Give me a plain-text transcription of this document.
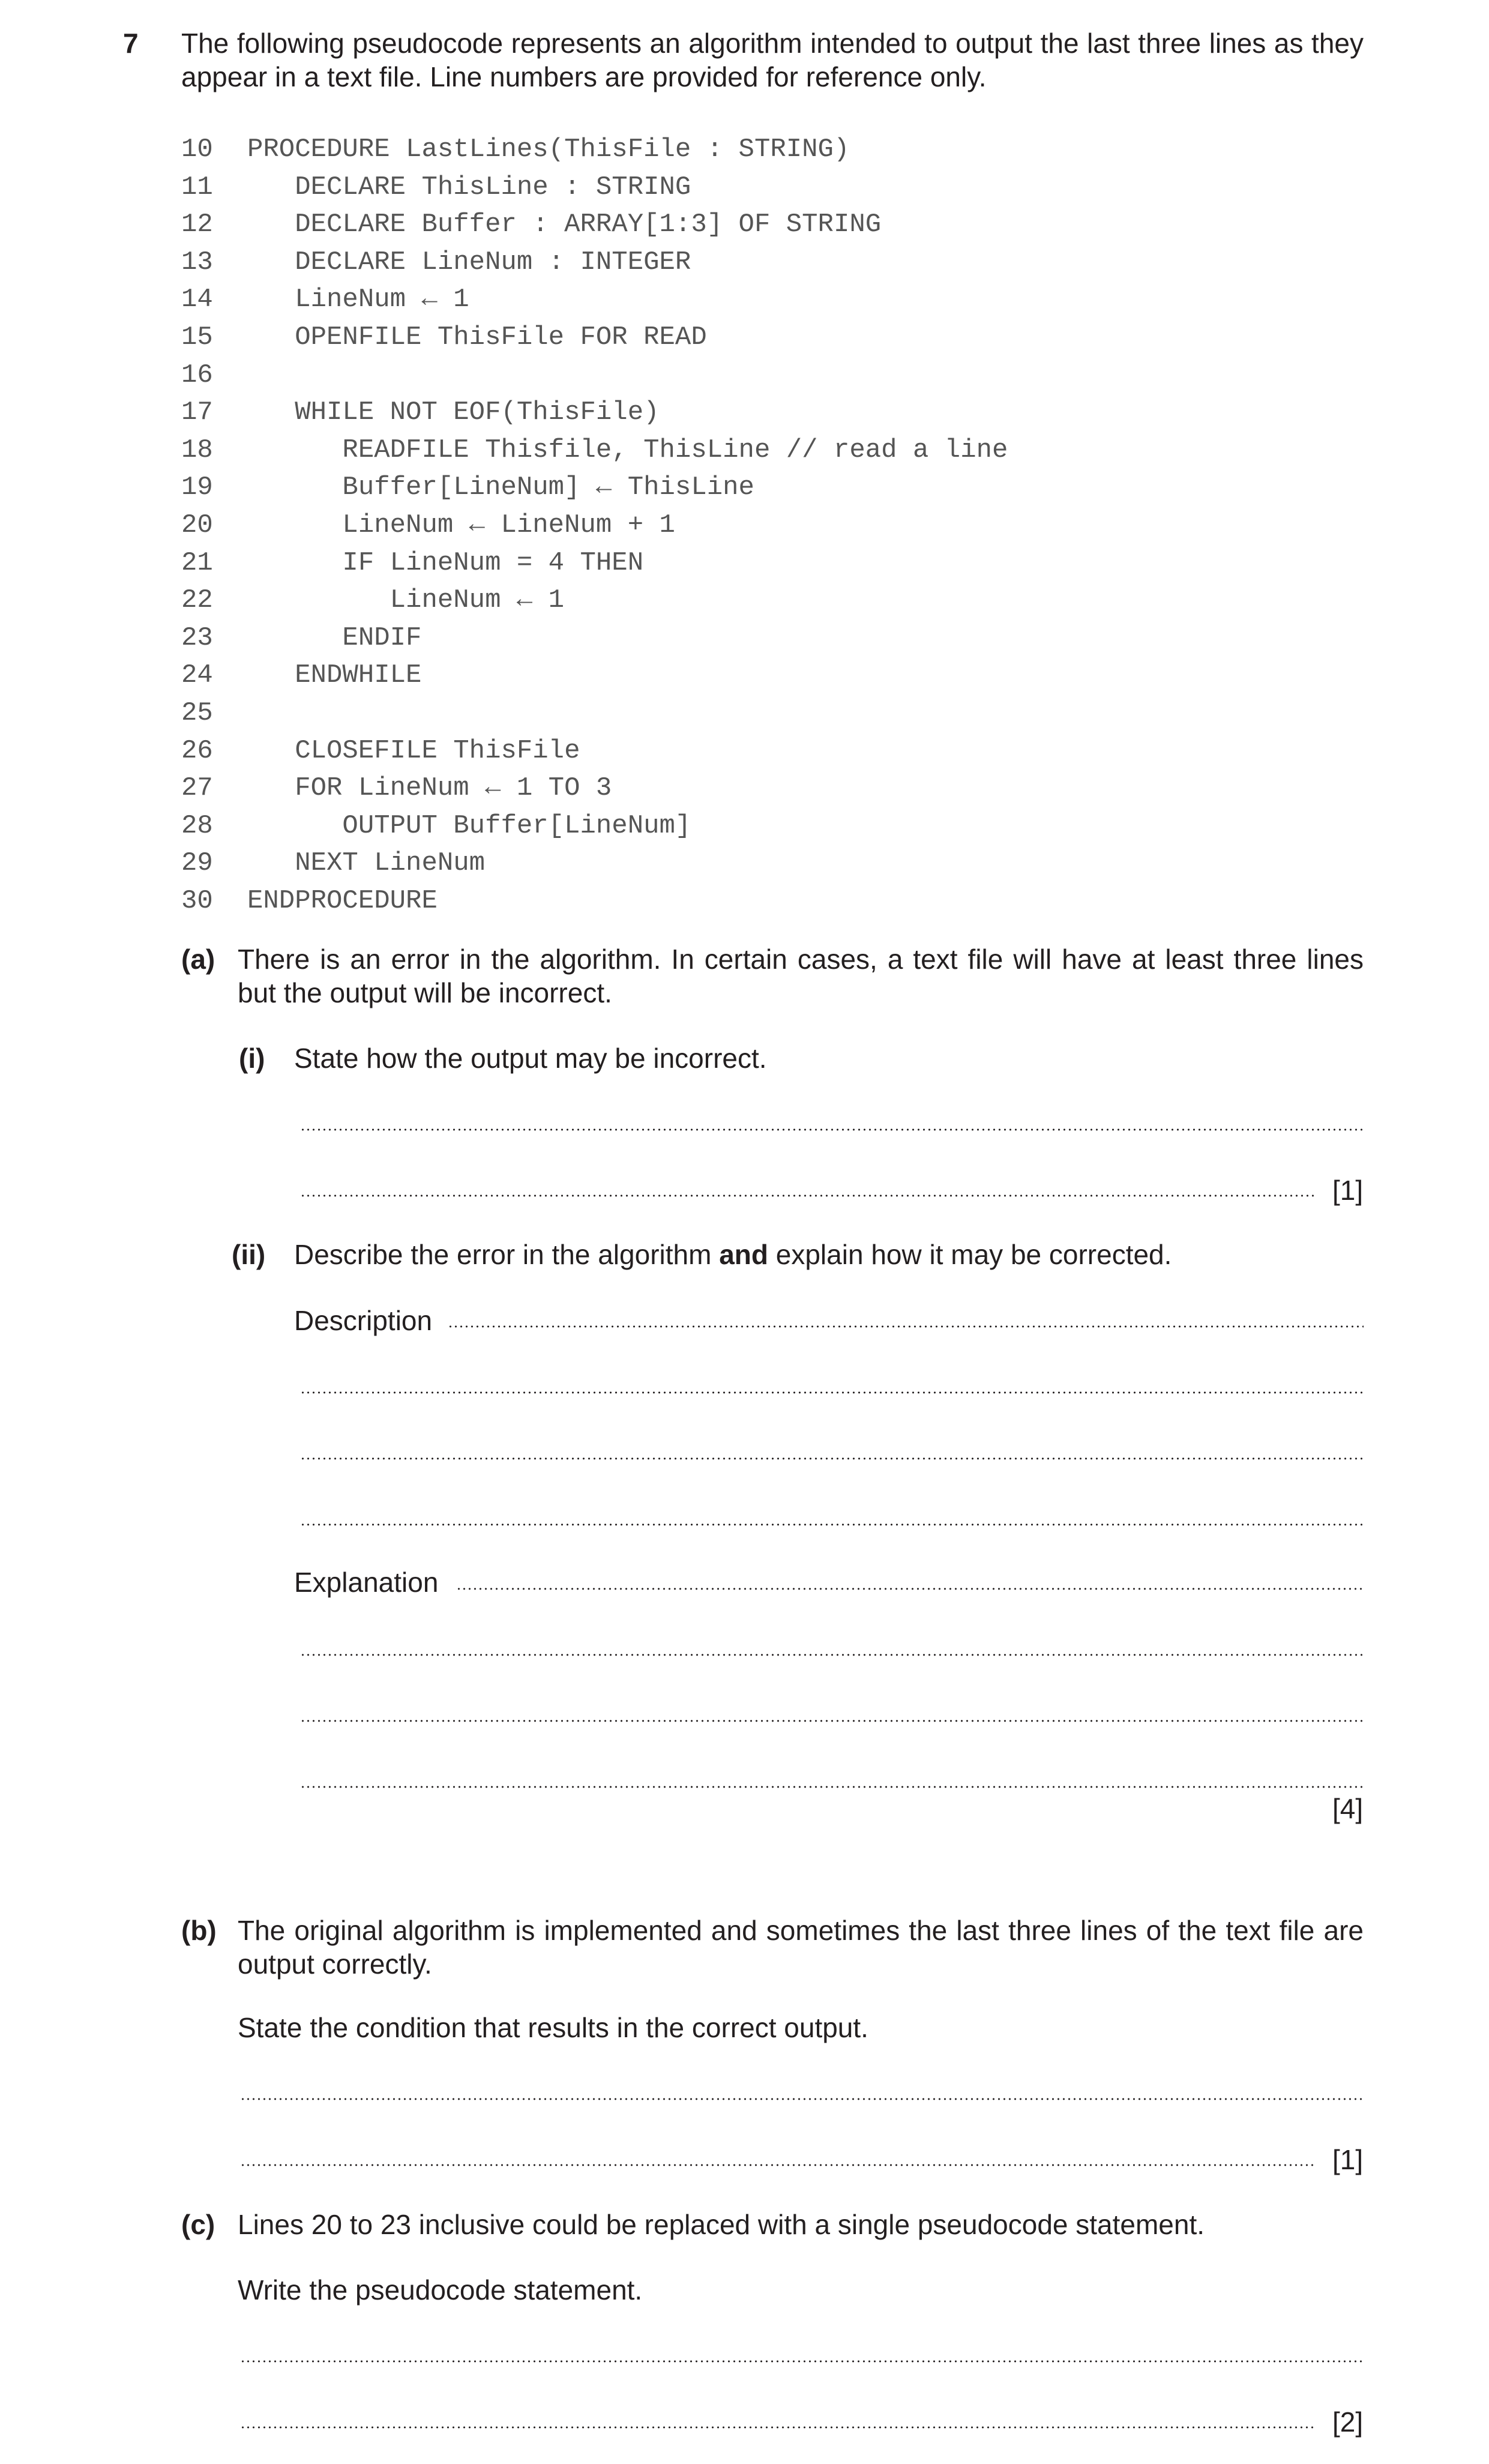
7 The following pseudocode represents an algorithm intended to output the last three lines as they appear in a text file. Line numbers are provided for reference only.
10 PROCEDURE LastLines(ThisFile : STRING)
11   DECLARE ThisLine : STRING
12   DECLARE Buffer : ARRAY[1:3] OF STRING
13   DECLARE LineNum : INTEGER
14   LineNum ← 1
15   OPENFILE ThisFile FOR READ
16
17   WHILE NOT EOF(ThisFile)
18      READFILE Thisfile, ThisLine // read a line
19      Buffer[LineNum] ← ThisLine
20      LineNum ← LineNum + 1
21      IF LineNum = 4 THEN
22         LineNum ← 1
23      ENDIF
24   ENDWHILE
25
26   CLOSEFILE ThisFile
27   FOR LineNum ← 1 TO 3
28      OUTPUT Buffer[LineNum]
29   NEXT LineNum
30 ENDPROCEDURE
(a) There is an error in the algorithm. In certain cases, a text file will have at least three lines but the output will be incorrect.
(i) State how the output may be incorrect.
[1]
(ii) Describe the error in the algorithm and explain how it may be corrected.
Description
Explanation
[4]
(b) The original algorithm is implemented and sometimes the last three lines of the text file are output correctly.
State the condition that results in the correct output.
[1]
(c) Lines 20 to 23 inclusive could be replaced with a single pseudocode statement.
Write the pseudocode statement.
[2]
